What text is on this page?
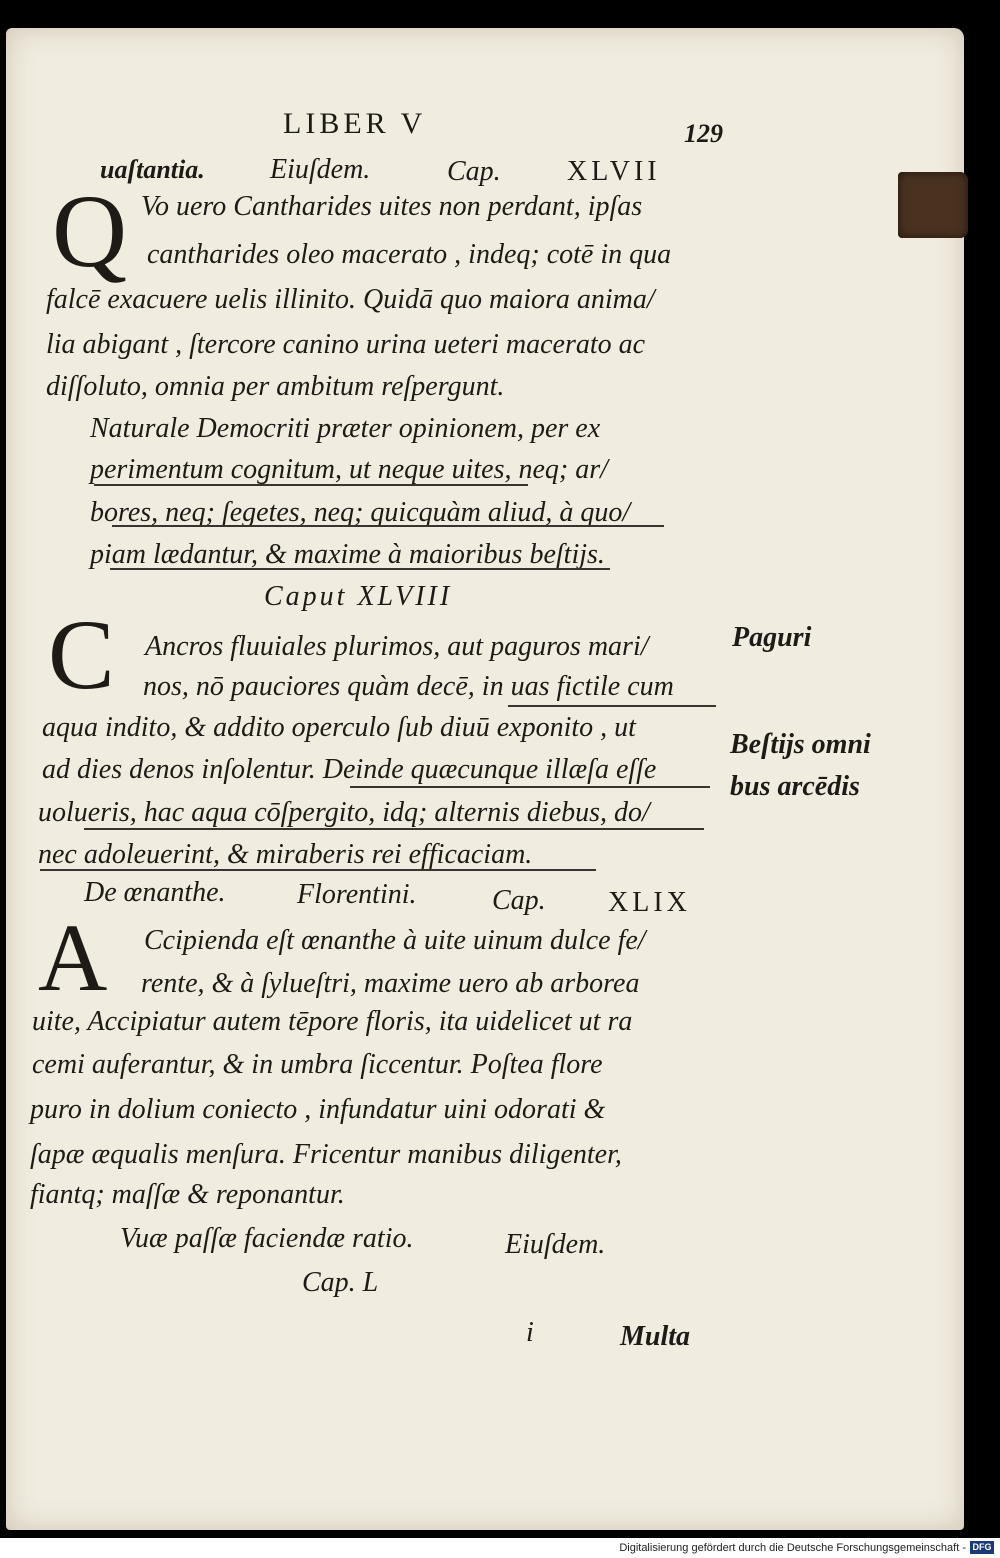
LIBER V	129
uaſtantia. Eiuſdem.	Cap. XLVII
Q Vo uero Cantharides uites non perdant, ipſas
cantharides oleo macerato , indeq; cotē in qua
falcē exacuere uelis illinito. Quidā quo maiora anima/
lia abigant , ſtercore canino urina ueteri macerato ac
diſſoluto, omnia per ambitum reſpergunt.
Naturale Democriti præter opinionem, per ex
perimentum cognitum, ut neque uites, neq; ar/
bores, neq; ſegetes, neq; quicquàm aliud, à quo/
piam lædantur, & maxime à maioribus beſtijs.
Caput XLVIII
C Ancros fluuiales plurimos, aut paguros mari/
nos, nō pauciores quàm decē, in uas fictile cum
aqua indito, & addito operculo ſub diuū exponito , ut
ad dies denos inſolentur. Deinde quæcunque illæſa eſſe
uolueris, hac aqua cōſpergito, idq; alternis diebus, do/
nec adoleuerint, & miraberis rei efficaciam.
Paguri
Beſtijs omni
bus arcēdis
De œnanthe.	Florentini.	Cap. XLIX
A Ccipienda eſt œnanthe à uite uinum dulce fe/
rente, & à ſylueſtri, maxime uero ab arborea
uite, Accipiatur autem tēpore floris, ita uidelicet ut ra
cemi auferantur, & in umbra ſiccentur. Poſtea flore
puro in dolium coniecto , infundatur uini odorati &
ſapæ æqualis menſura. Fricentur manibus diligenter,
fiantq; maſſæ & reponantur.
Vuæ paſſæ faciendæ ratio.	Eiuſdem.
Cap. L
i	Multa
Digitalisierung gefördert durch die Deutsche Forschungsgemeinschaft - DFG
